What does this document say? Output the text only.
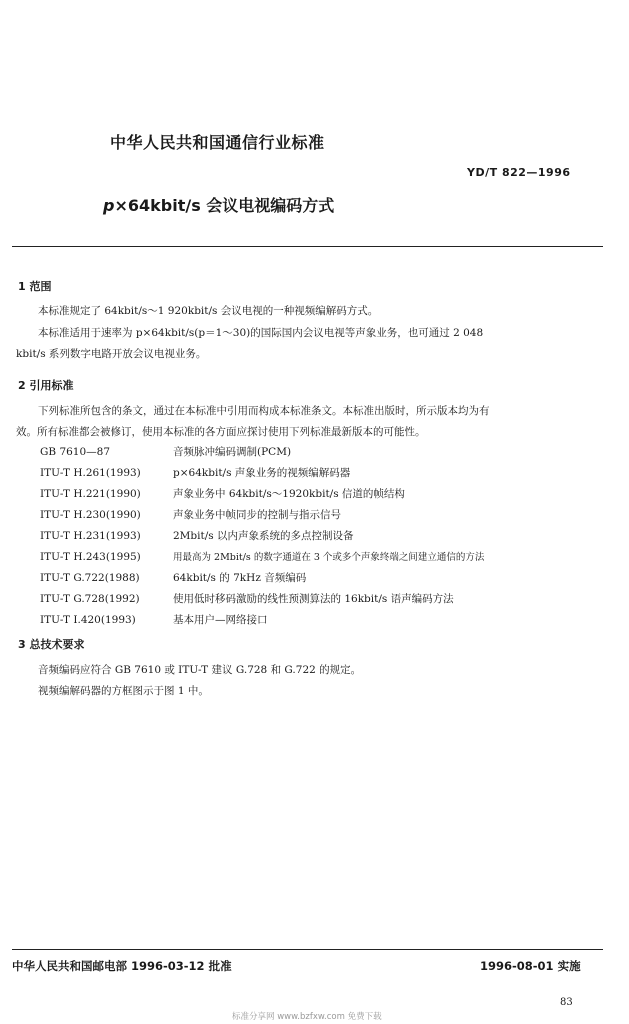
中华人民共和国通信行业标准
YD/T 822—1996
p×64kbit/s 会议电视编码方式
1 范围
本标准规定了 64kbit/s～1 920kbit/s 会议电视的一种视频编解码方式。
本标准适用于速率为 p×64kbit/s(p＝1～30)的国际国内会议电视等声象业务，也可通过 2 048
kbit/s 系列数字电路开放会议电视业务。
2 引用标准
下列标准所包含的条文，通过在本标准中引用而构成本标准条文。本标准出版时，所示版本均为有
效。所有标准都会被修订，使用本标准的各方面应探讨使用下列标准最新版本的可能性。
GB 7610—87	音频脉冲编码调制(PCM)
ITU-T H.261(1993)	p×64kbit/s 声象业务的视频编解码器
ITU-T H.221(1990)	声象业务中 64kbit/s～1920kbit/s 信道的帧结构
ITU-T H.230(1990)	声象业务中帧同步的控制与指示信号
ITU-T H.231(1993)	2Mbit/s 以内声象系统的多点控制设备
ITU-T H.243(1995)	用最高为 2Mbit/s 的数字通道在 3 个或多个声象终端之间建立通信的方法
ITU-T G.722(1988)	64kbit/s 的 7kHz 音频编码
ITU-T G.728(1992)	使用低时移码激励的线性预测算法的 16kbit/s 语声编码方法
ITU-T I.420(1993)	基本用户—网络接口
3 总技术要求
音频编码应符合 GB 7610 或 ITU-T 建议 G.728 和 G.722 的规定。
视频编解码器的方框图示于图 1 中。
中华人民共和国邮电部 1996-03-12 批准	1996-08-01 实施
83
标准分享网 www.bzfxw.com 免费下载
